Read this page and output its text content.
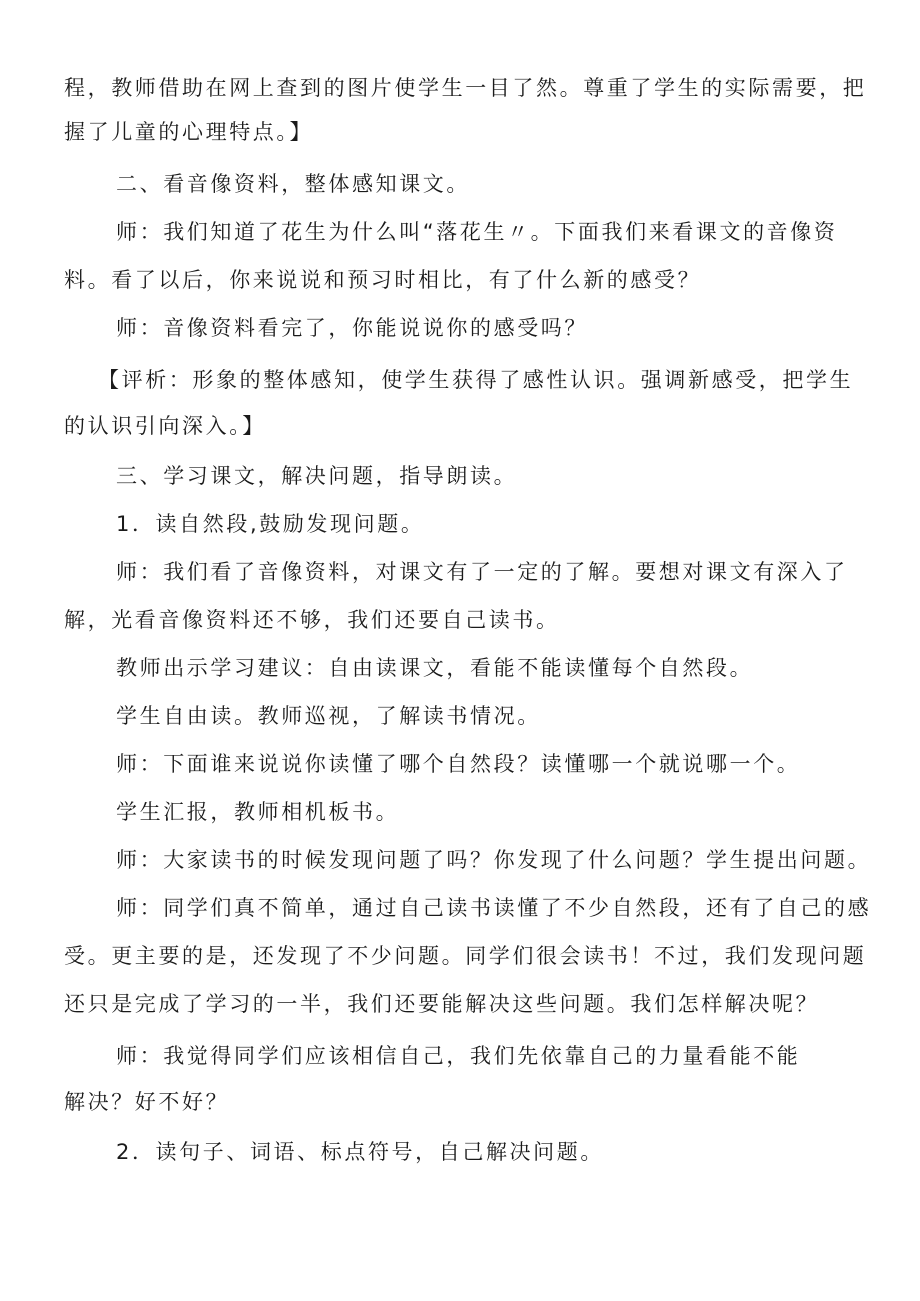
程，教师借助在网上查到的图片使学生一目了然。尊重了学生的实际需要，把
握了儿童的心理特点。】
二、看音像资料，整体感知课文。
师：我们知道了花生为什么叫“落花生〃。下面我们来看课文的音像资
料。看了以后，你来说说和预习时相比，有了什么新的感受？
师：音像资料看完了，你能说说你的感受吗？
【评析：形象的整体感知，使学生获得了感性认识。强调新感受，把学生
的认识引向深入。】
三、学习课文，解决问题，指导朗读。
1．读自然段,鼓励发现问题。
师：我们看了音像资料，对课文有了一定的了解。要想对课文有深入了
解，光看音像资料还不够，我们还要自己读书。
教师出示学习建议：自由读课文，看能不能读懂每个自然段。
学生自由读。教师巡视，了解读书情况。
师：下面谁来说说你读懂了哪个自然段？读懂哪一个就说哪一个。
学生汇报，教师相机板书。
师：大家读书的时候发现问题了吗？你发现了什么问题？学生提出问题。
师：同学们真不简单，通过自己读书读懂了不少自然段，还有了自己的感
受。更主要的是，还发现了不少问题。同学们很会读书！不过，我们发现问题
还只是完成了学习的一半，我们还要能解决这些问题。我们怎样解决呢？
师：我觉得同学们应该相信自己，我们先依靠自己的力量看能不能
解决？好不好？
2．读句子、词语、标点符号，自己解决问题。
